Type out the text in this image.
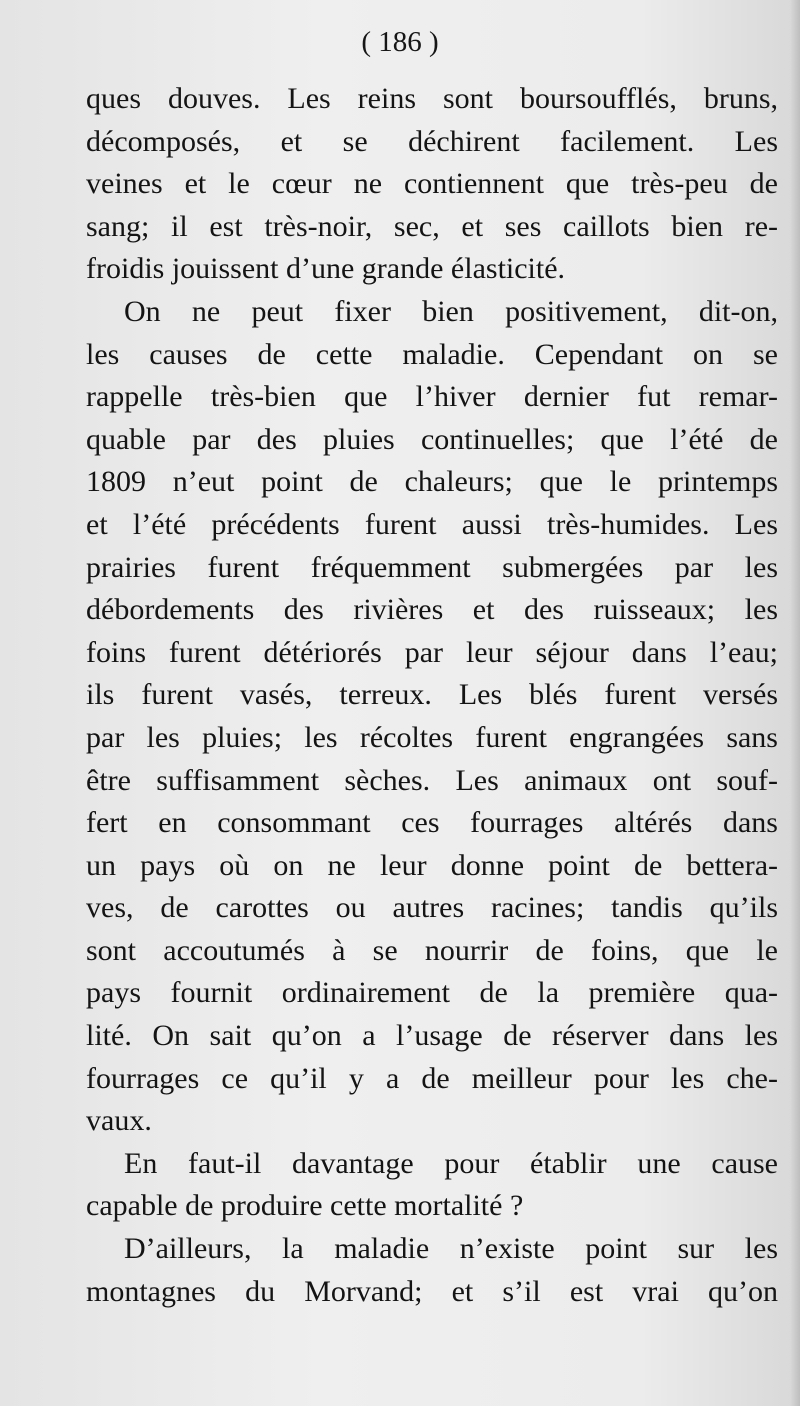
( 186 )
ques douves. Les reins sont boursoufflés, bruns,
décomposés, et se déchirent facilement. Les
veines et le cœur ne contiennent que très-peu de
sang; il est très-noir, sec, et ses caillots bien re-
froidis jouissent d’une grande élasticité.
On ne peut fixer bien positivement, dit-on,
les causes de cette maladie. Cependant on se
rappelle très-bien que l’hiver dernier fut remar-
quable par des pluies continuelles; que l’été de
1809 n’eut point de chaleurs; que le printemps
et l’été précédents furent aussi très-humides. Les
prairies furent fréquemment submergées par les
débordements des rivières et des ruisseaux; les
foins furent détériorés par leur séjour dans l’eau;
ils furent vasés, terreux. Les blés furent versés
par les pluies; les récoltes furent engrangées sans
être suffisamment sèches. Les animaux ont souf-
fert en consommant ces fourrages altérés dans
un pays où on ne leur donne point de bettera-
ves, de carottes ou autres racines; tandis qu’ils
sont accoutumés à se nourrir de foins, que le
pays fournit ordinairement de la première qua-
lité. On sait qu’on a l’usage de réserver dans les
fourrages ce qu’il y a de meilleur pour les che-
vaux.
En faut-il davantage pour établir une cause
capable de produire cette mortalité ?
D’ailleurs, la maladie n’existe point sur les
montagnes du Morvand; et s’il est vrai qu’on
